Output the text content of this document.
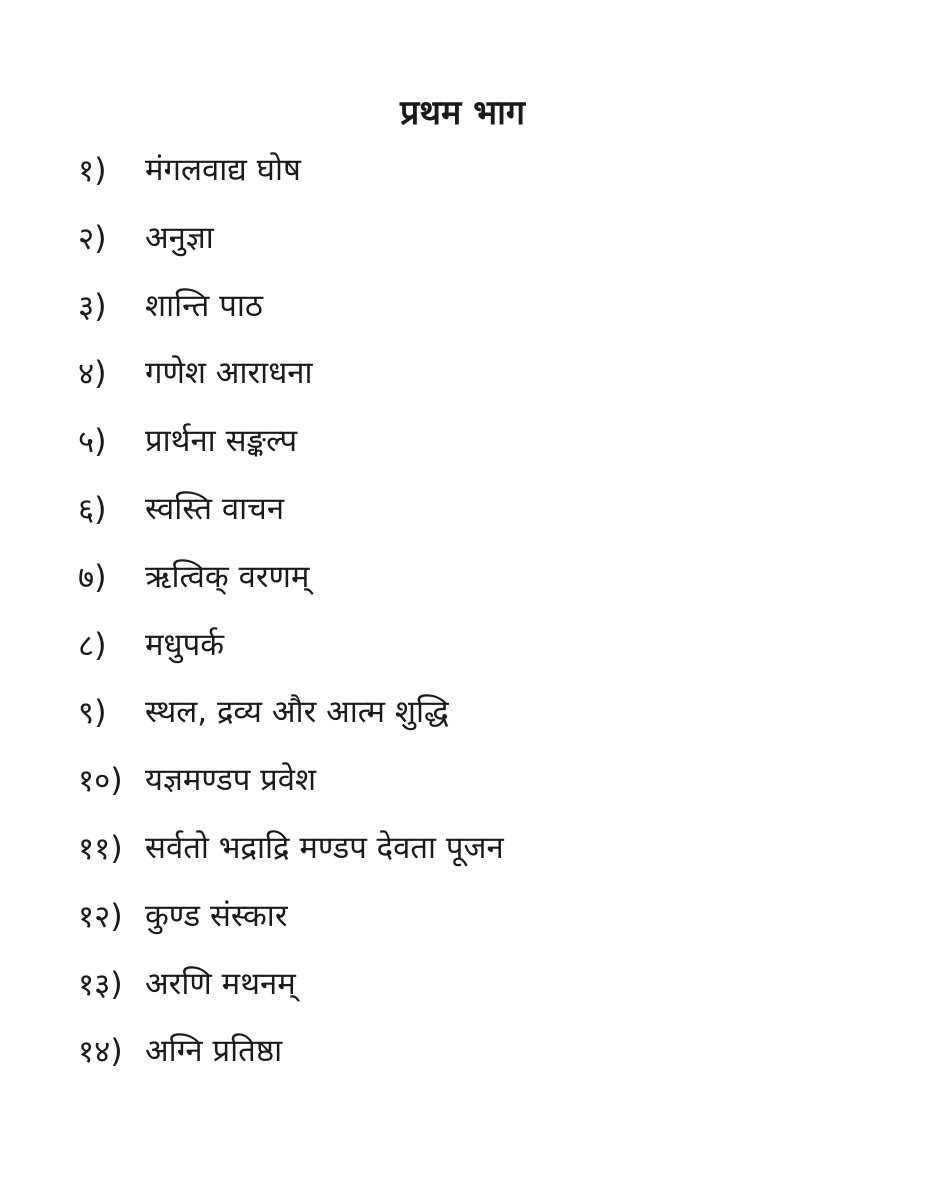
प्रथम भाग
१) मंगलवाद्य घोष
२) अनुज्ञा
३) शान्ति पाठ
४) गणेश आराधना
५) प्रार्थना सङ्कल्प
६) स्वस्ति वाचन
७) ऋत्विक् वरणम्
८) मधुपर्क
९) स्थल, द्रव्य और आत्म शुद्धि
१०) यज्ञमण्डप प्रवेश
११) सर्वतो भद्राद्रि मण्डप देवता पूजन
१२) कुण्ड संस्कार
१३) अरणि मथनम्
१४) अग्नि प्रतिष्ठा
